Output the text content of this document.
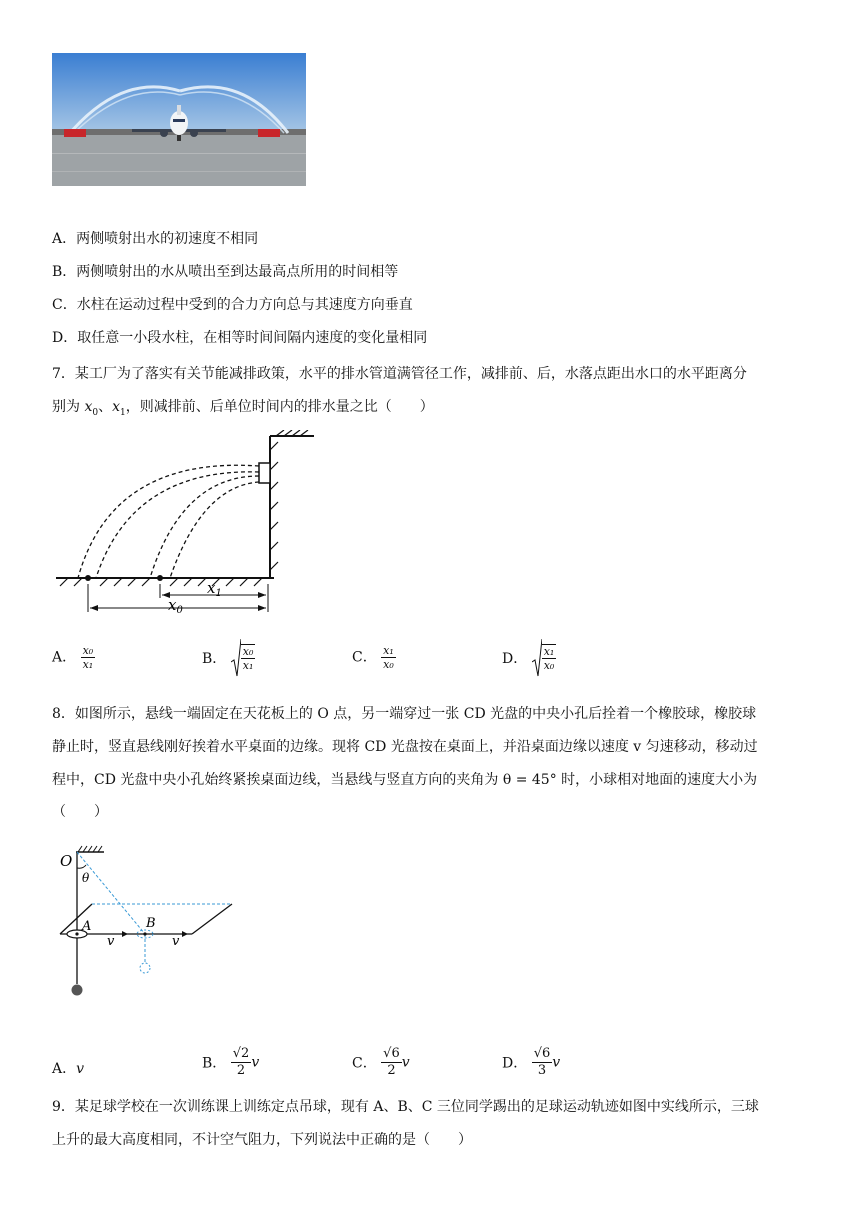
A．两侧喷射出水的初速度不相同
B．两侧喷射出的水从喷出至到达最高点所用的时间相等
C．水柱在运动过程中受到的合力方向总与其速度方向垂直
D．取任意一小段水柱，在相等时间间隔内速度的变化量相同
7．某工厂为了落实有关节能减排政策，水平的排水管道满管径工作，减排前、后，水落点距出水口的水平距离分
别为 $x_0$、$x_1$，则减排前、后单位时间内的排水量之比（　　）
$x_1$
$x_0$
A． $\frac{\text{x₀}}{\text{x₁}}$	B． $\frac{\text{x₀}}{\text{x₁}}$	C． $\frac{\text{x₁}}{\text{x₀}}$	D． $\frac{\text{x₁}}{\text{x₀}}$
8．如图所示，悬线一端固定在天花板上的 O 点，另一端穿过一张 CD 光盘的中央小孔后拴着一个橡胶球，橡胶球
静止时，竖直悬线刚好挨着水平桌面的边缘。现将 CD 光盘按在桌面上，并沿桌面边缘以速度 v 匀速移动，移动过
程中，CD 光盘中央小孔始终紧挨桌面边线，当悬线与竖直方向的夹角为 θ = 45° 时，小球相对地面的速度大小为
（　　）
O
θ
A	B
v	v
A．v	B． $\frac{√2}{2}$ v	C． $\frac{√6}{2}$ v	D． $\frac{√6}{3}$ v
9．某足球学校在一次训练课上训练定点吊球，现有 A、B、C 三位同学踢出的足球运动轨迹如图中实线所示，三球
上升的最大高度相同，不计空气阻力，下列说法中正确的是（　　）
